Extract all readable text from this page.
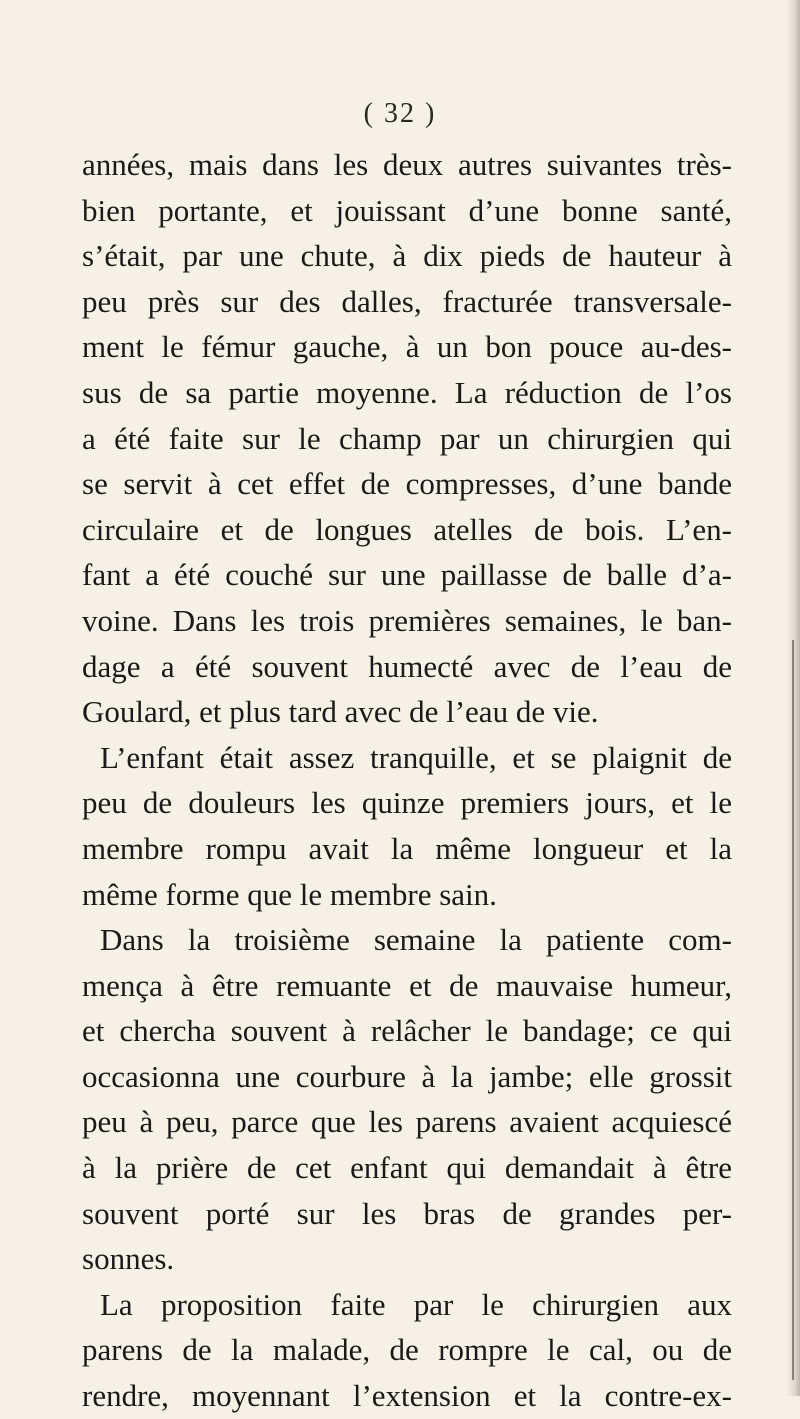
( 32 )
années, mais dans les deux autres suivantes très-
bien portante, et jouissant d’une bonne santé,
s’était, par une chute, à dix pieds de hauteur à
peu près sur des dalles, fracturée transversale-
ment le fémur gauche, à un bon pouce au-des-
sus de sa partie moyenne. La réduction de l’os
a été faite sur le champ par un chirurgien qui
se servit à cet effet de compresses, d’une bande
circulaire et de longues atelles de bois. L’en-
fant a été couché sur une paillasse de balle d’a-
voine. Dans les trois premières semaines, le ban-
dage a été souvent humecté avec de l’eau de
Goulard, et plus tard avec de l’eau de vie.
L’enfant était assez tranquille, et se plaignit de
peu de douleurs les quinze premiers jours, et le
membre rompu avait la même longueur et la
même forme que le membre sain.
Dans la troisième semaine la patiente com-
mença à être remuante et de mauvaise humeur,
et chercha souvent à relâcher le bandage; ce qui
occasionna une courbure à la jambe; elle grossit
peu à peu, parce que les parens avaient acquiescé
à la prière de cet enfant qui demandait à être
souvent porté sur les bras de grandes per-
sonnes.
La proposition faite par le chirurgien aux
parens de la malade, de rompre le cal, ou de
rendre, moyennant l’extension et la contre-ex-
